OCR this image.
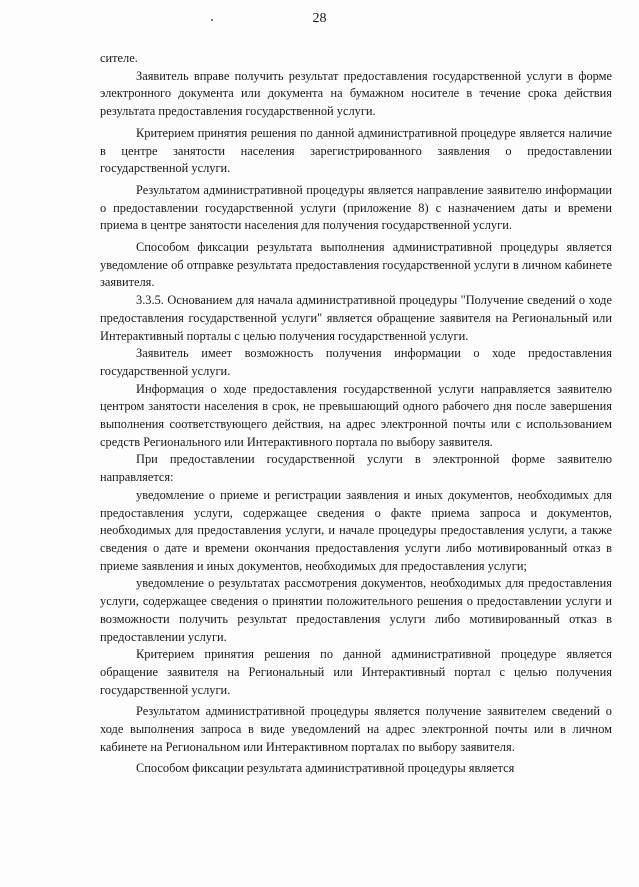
28

сителе.

Заявитель вправе получить результат предоставления государственной услуги в форме электронного документа или документа на бумажном носителе в течение срока действия результата предоставления государственной услуги.

Критерием принятия решения по данной административной процедуре является наличие в центре занятости населения зарегистрированного заявления о предоставлении государственной услуги.

Результатом административной процедуры является направление заявителю информации о предоставлении государственной услуги (приложение 8) с назначением даты и времени приема в центре занятости населения для получения государственной услуги.

Способом фиксации результата выполнения административной процедуры является уведомление об отправке результата предоставления государственной услуги в личном кабинете заявителя.

3.3.5. Основанием для начала административной процедуры "Получение сведений о ходе предоставления государственной услуги" является обращение заявителя на Региональный или Интерактивный порталы с целью получения государственной услуги.

Заявитель имеет возможность получения информации о ходе предоставления государственной услуги.

Информация о ходе предоставления государственной услуги направляется заявителю центром занятости населения в срок, не превышающий одного рабочего дня после завершения выполнения соответствующего действия, на адрес электронной почты или с использованием средств Регионального или Интерактивного портала по выбору заявителя.

При предоставлении государственной услуги в электронной форме заявителю направляется:

уведомление о приеме и регистрации заявления и иных документов, необходимых для предоставления услуги, содержащее сведения о факте приема запроса и документов, необходимых для предоставления услуги, и начале процедуры предоставления услуги, а также сведения о дате и времени окончания предоставления услуги либо мотивированный отказ в приеме заявления и иных документов, необходимых для предоставления услуги;

уведомление о результатах рассмотрения документов, необходимых для предоставления услуги, содержащее сведения о принятии положительного решения о предоставлении услуги и возможности получить результат предоставления услуги либо мотивированный отказ в предоставлении услуги.

Критерием принятия решения по данной административной процедуре является обращение заявителя на Региональный или Интерактивный портал с целью получения государственной услуги.

Результатом административной процедуры является получение заявителем сведений о ходе выполнения запроса в виде уведомлений на адрес электронной почты или в личном кабинете на Региональном или Интерактивном порталах по выбору заявителя.

Способом фиксации результата административной процедуры является
